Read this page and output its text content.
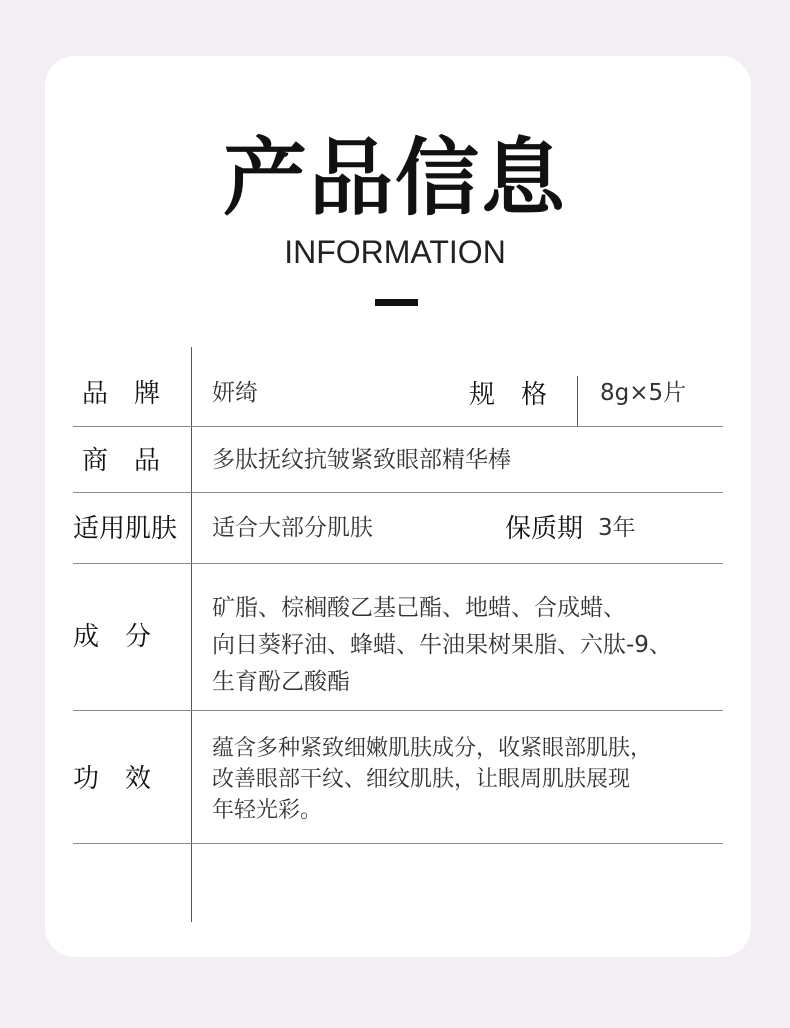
产品信息
INFORMATION
品　牌 妍绮	规　格 8g×5片
商　品 多肽抚纹抗皱紧致眼部精华棒
适用肌肤 适合大部分肌肤	保质期 3年
成　分
矿脂、棕榈酸乙基己酯、地蜡、合成蜡、
向日葵籽油、蜂蜡、牛油果树果脂、六肽-9、
生育酚乙酸酯
功　效
蕴含多种紧致细嫩肌肤成分，收紧眼部肌肤，
改善眼部干纹、细纹肌肤，让眼周肌肤展现
年轻光彩。
